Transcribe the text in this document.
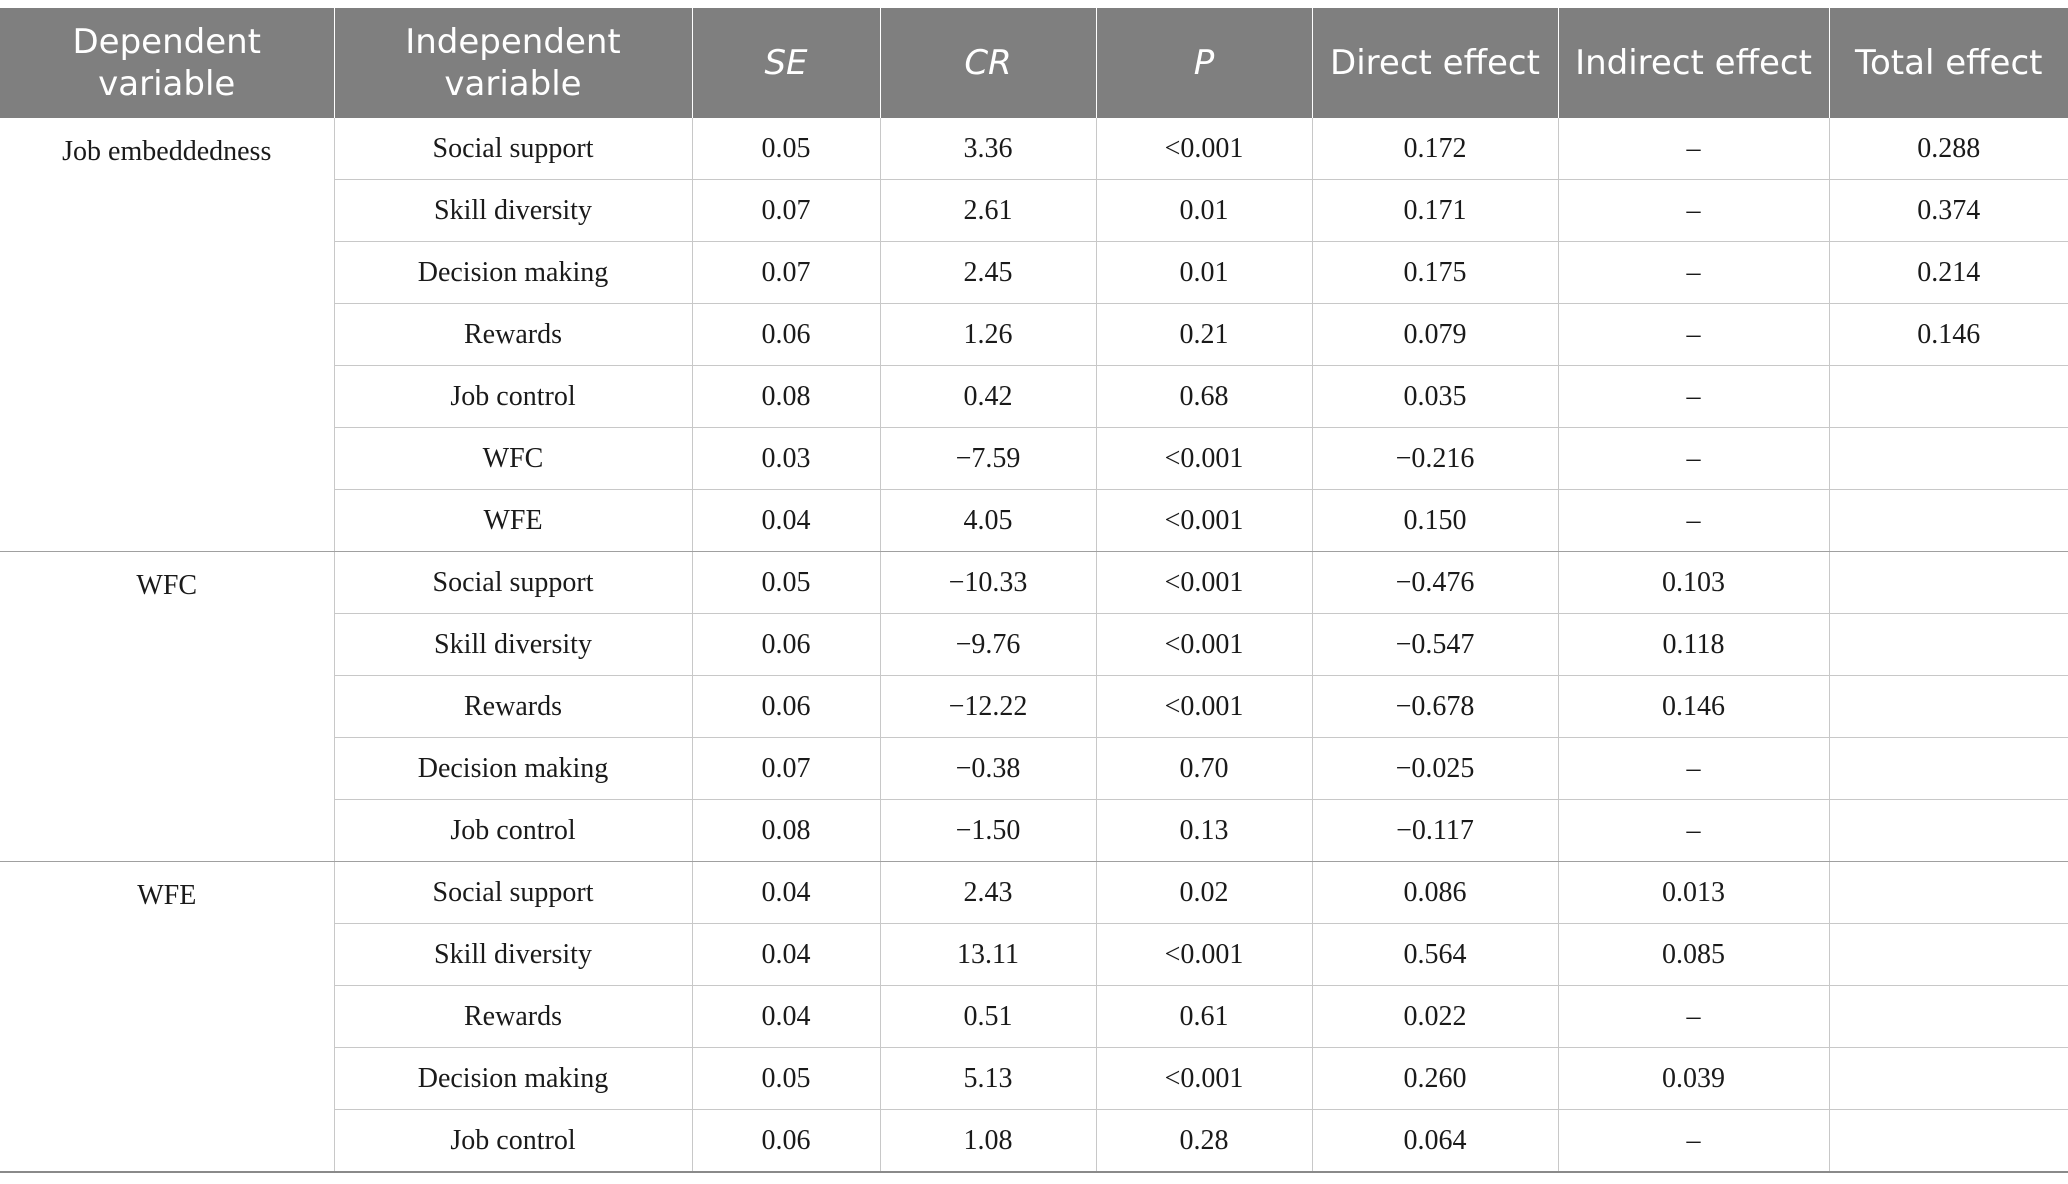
Dependent variable	Independent variable	SE	CR	P	Direct effect	Indirect effect	Total effect
Job embeddedness	Social support	0.05	3.36	<0.001	0.172	–	0.288
	Skill diversity	0.07	2.61	0.01	0.171	–	0.374
	Decision making	0.07	2.45	0.01	0.175	–	0.214
	Rewards	0.06	1.26	0.21	0.079	–	0.146
	Job control	0.08	0.42	0.68	0.035	–	
	WFC	0.03	−7.59	<0.001	−0.216	–	
	WFE	0.04	4.05	<0.001	0.150	–	
WFC	Social support	0.05	−10.33	<0.001	−0.476	0.103	
	Skill diversity	0.06	−9.76	<0.001	−0.547	0.118	
	Rewards	0.06	−12.22	<0.001	−0.678	0.146	
	Decision making	0.07	−0.38	0.70	−0.025	–	
	Job control	0.08	−1.50	0.13	−0.117	–	
WFE	Social support	0.04	2.43	0.02	0.086	0.013	
	Skill diversity	0.04	13.11	<0.001	0.564	0.085	
	Rewards	0.04	0.51	0.61	0.022	–	
	Decision making	0.05	5.13	<0.001	0.260	0.039	
	Job control	0.06	1.08	0.28	0.064	–	
